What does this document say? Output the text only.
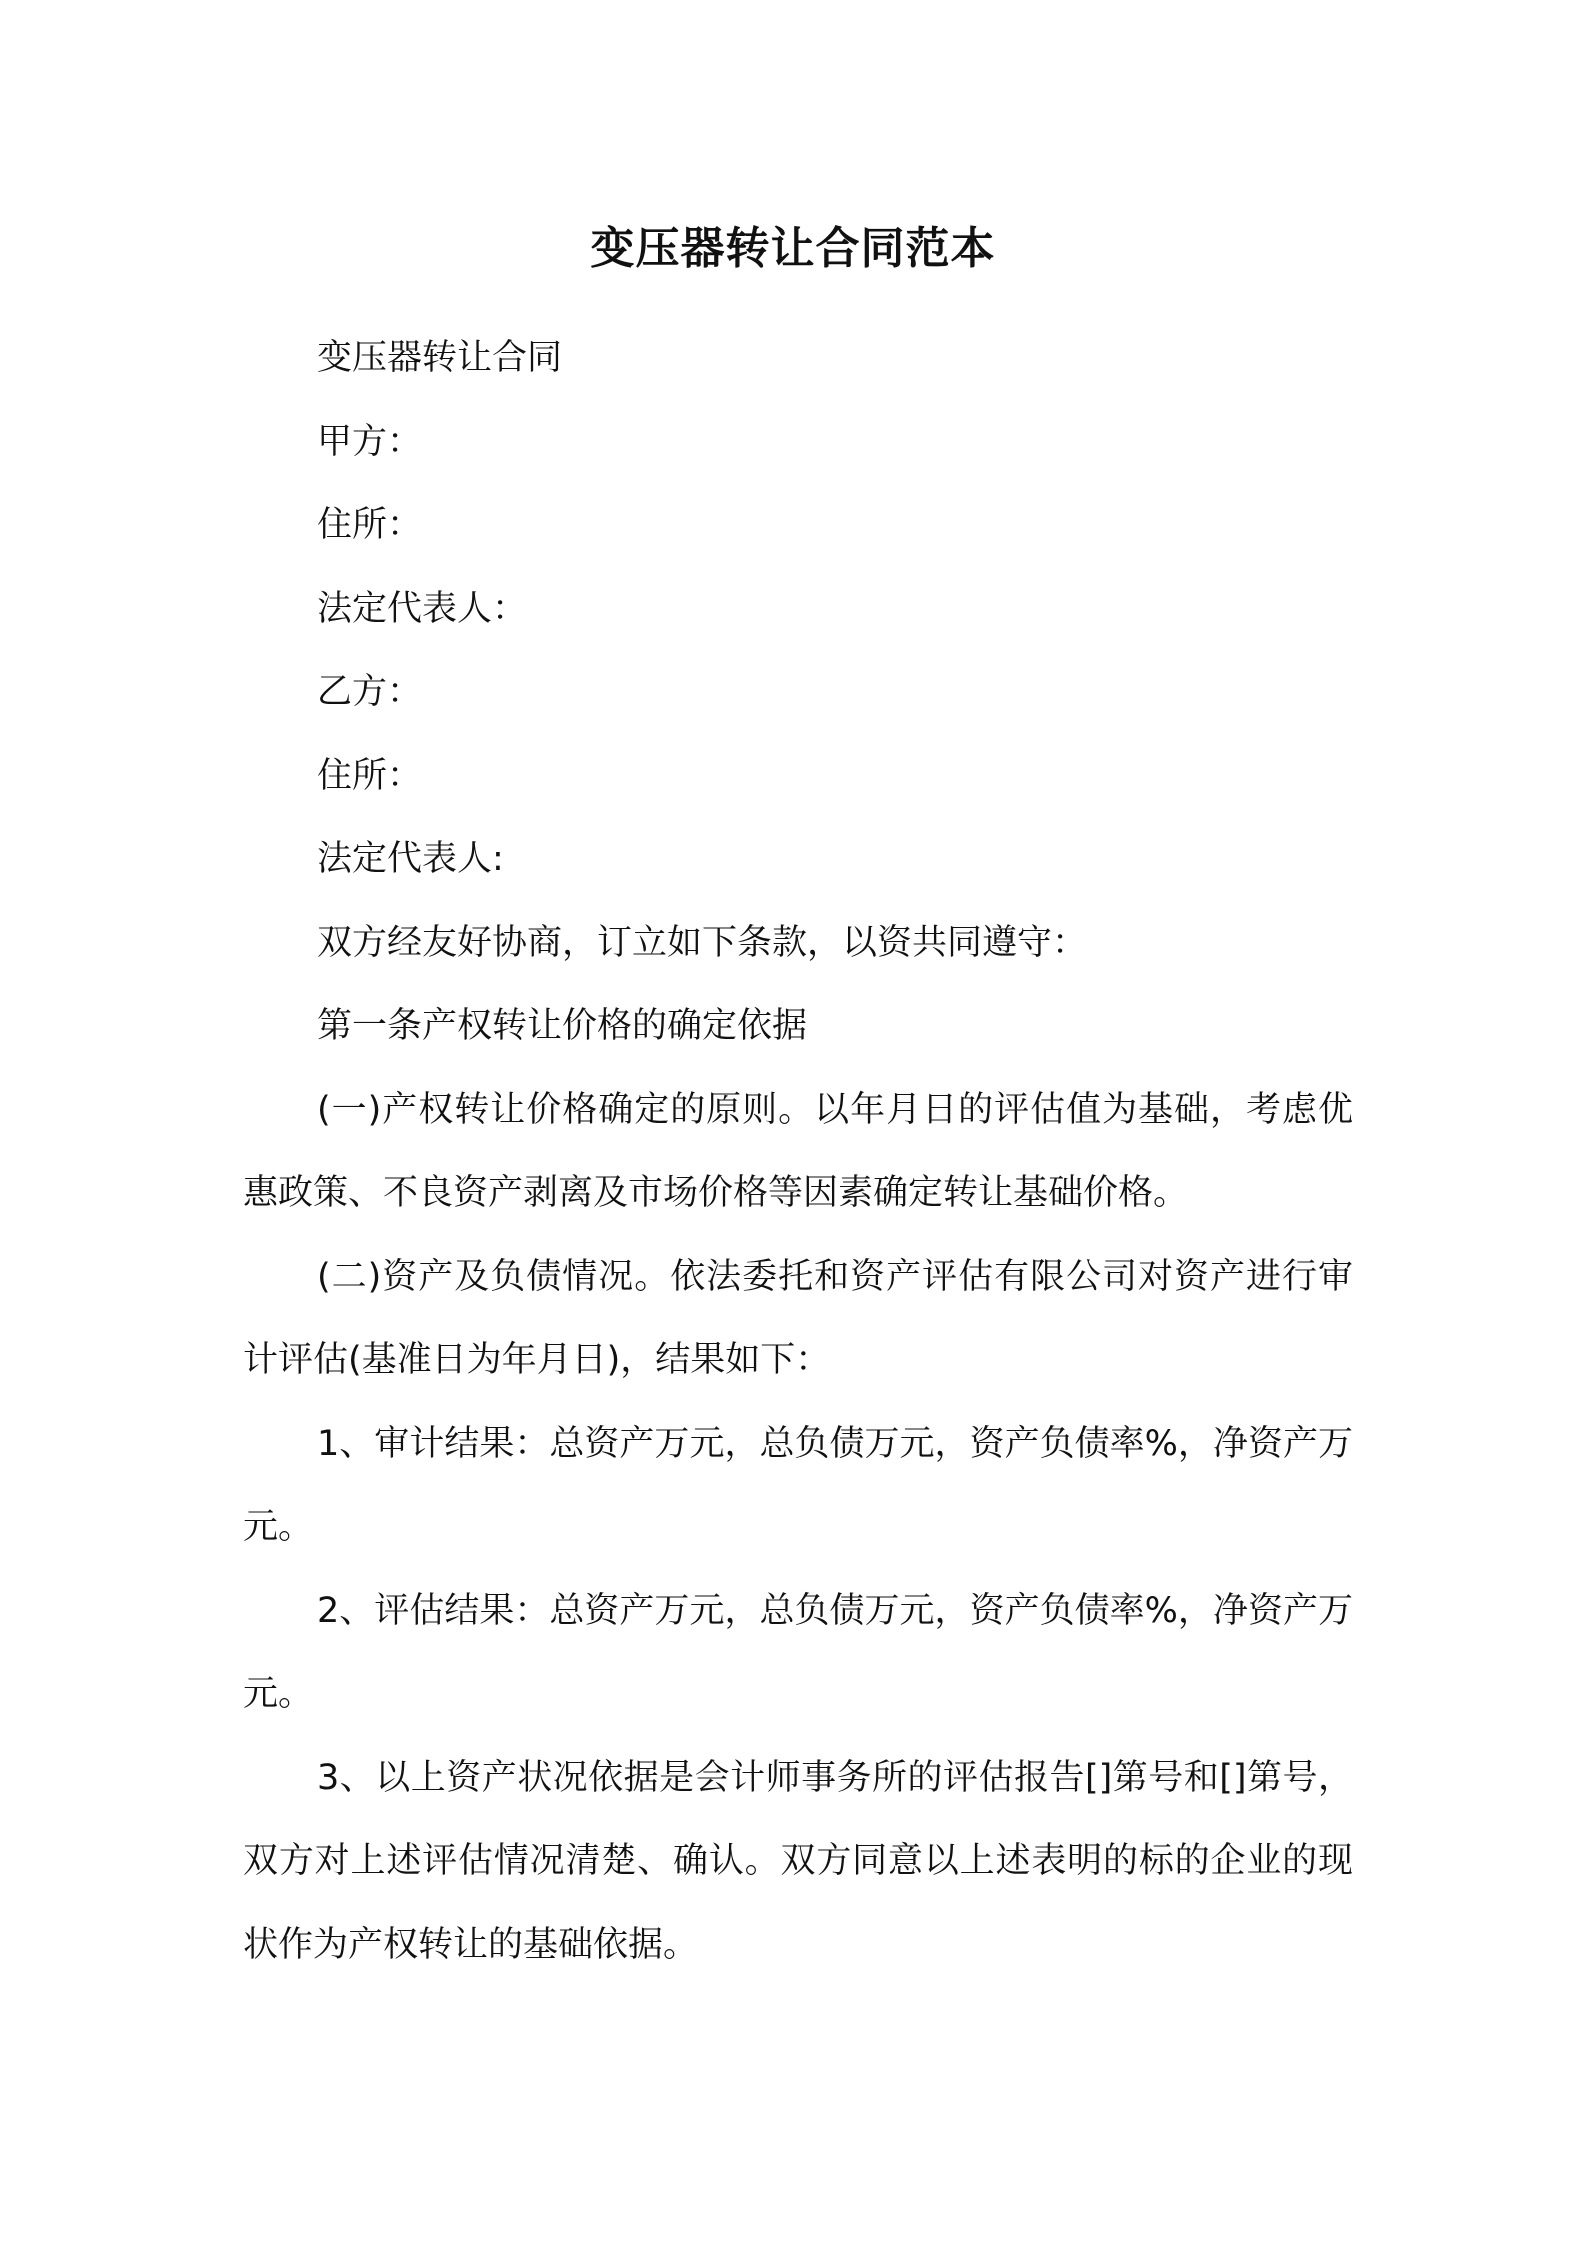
变压器转让合同范本

变压器转让合同

甲方：

住所：

法定代表人：

乙方：

住所：

法定代表人:

双方经友好协商，订立如下条款，以资共同遵守：

第一条产权转让价格的确定依据

(一)产权转让价格确定的原则。以年月日的评估值为基础，考虑优惠政策、不良资产剥离及市场价格等因素确定转让基础价格。

(二)资产及负债情况。依法委托和资产评估有限公司对资产进行审计评估(基准日为年月日)，结果如下：

1、审计结果：总资产万元，总负债万元，资产负债率%，净资产万元。

2、评估结果：总资产万元，总负债万元，资产负债率%，净资产万元。

3、以上资产状况依据是会计师事务所的评估报告[]第号和[]第号，双方对上述评估情况清楚、确认。双方同意以上述表明的标的企业的现状作为产权转让的基础依据。
